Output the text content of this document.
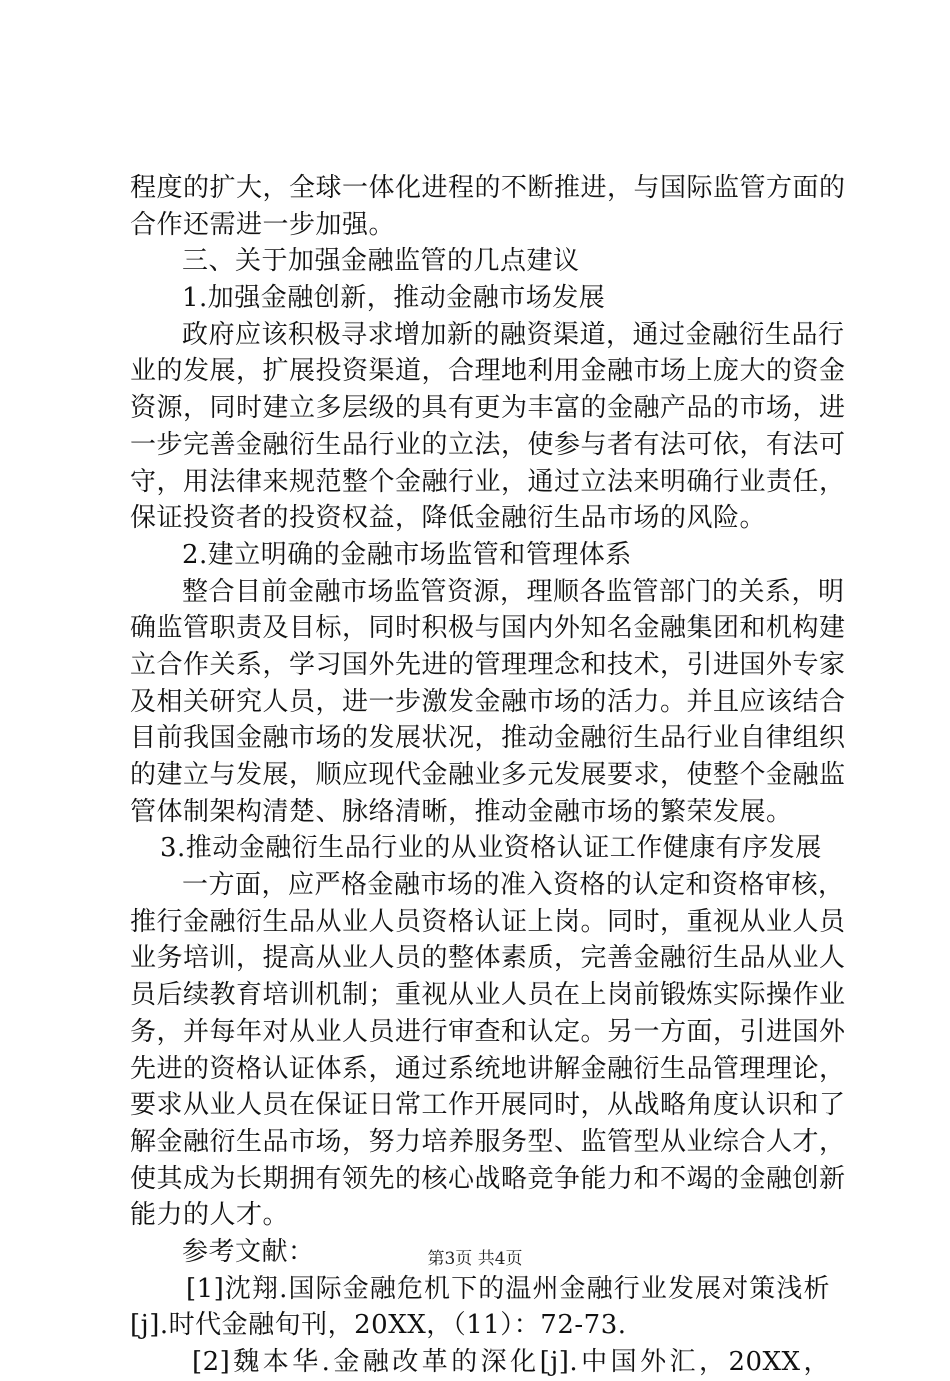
程度的扩大，全球一体化进程的不断推进，与国际监管方面的
合作还需进一步加强。
三、关于加强金融监管的几点建议
1.加强金融创新，推动金融市场发展
政府应该积极寻求增加新的融资渠道，通过金融衍生品行
业的发展，扩展投资渠道，合理地利用金融市场上庞大的资金
资源，同时建立多层级的具有更为丰富的金融产品的市场，进
一步完善金融衍生品行业的立法，使参与者有法可依，有法可
守，用法律来规范整个金融行业，通过立法来明确行业责任，
保证投资者的投资权益，降低金融衍生品市场的风险。
2.建立明确的金融市场监管和管理体系
整合目前金融市场监管资源，理顺各监管部门的关系，明
确监管职责及目标，同时积极与国内外知名金融集团和机构建
立合作关系，学习国外先进的管理理念和技术，引进国外专家
及相关研究人员，进一步激发金融市场的活力。并且应该结合
目前我国金融市场的发展状况，推动金融衍生品行业自律组织
的建立与发展，顺应现代金融业多元发展要求，使整个金融监
管体制架构清楚、脉络清晰，推动金融市场的繁荣发展。
3.推动金融衍生品行业的从业资格认证工作健康有序发展
一方面，应严格金融市场的准入资格的认定和资格审核，
推行金融衍生品从业人员资格认证上岗。同时，重视从业人员
业务培训，提高从业人员的整体素质，完善金融衍生品从业人
员后续教育培训机制；重视从业人员在上岗前锻炼实际操作业
务，并每年对从业人员进行审查和认定。另一方面，引进国外
先进的资格认证体系，通过系统地讲解金融衍生品管理理论，
要求从业人员在保证日常工作开展同时，从战略角度认识和了
解金融衍生品市场，努力培养服务型、监管型从业综合人才，
使其成为长期拥有领先的核心战略竞争能力和不竭的金融创新
能力的人才。
参考文献：
[1]沈翔.国际金融危机下的温州金融行业发展对策浅析
[j].时代金融旬刊，20XX，（11）：72-73.
[2]魏本华.金融改革的深化[j].中国外汇，20XX，
第3页 共4页
